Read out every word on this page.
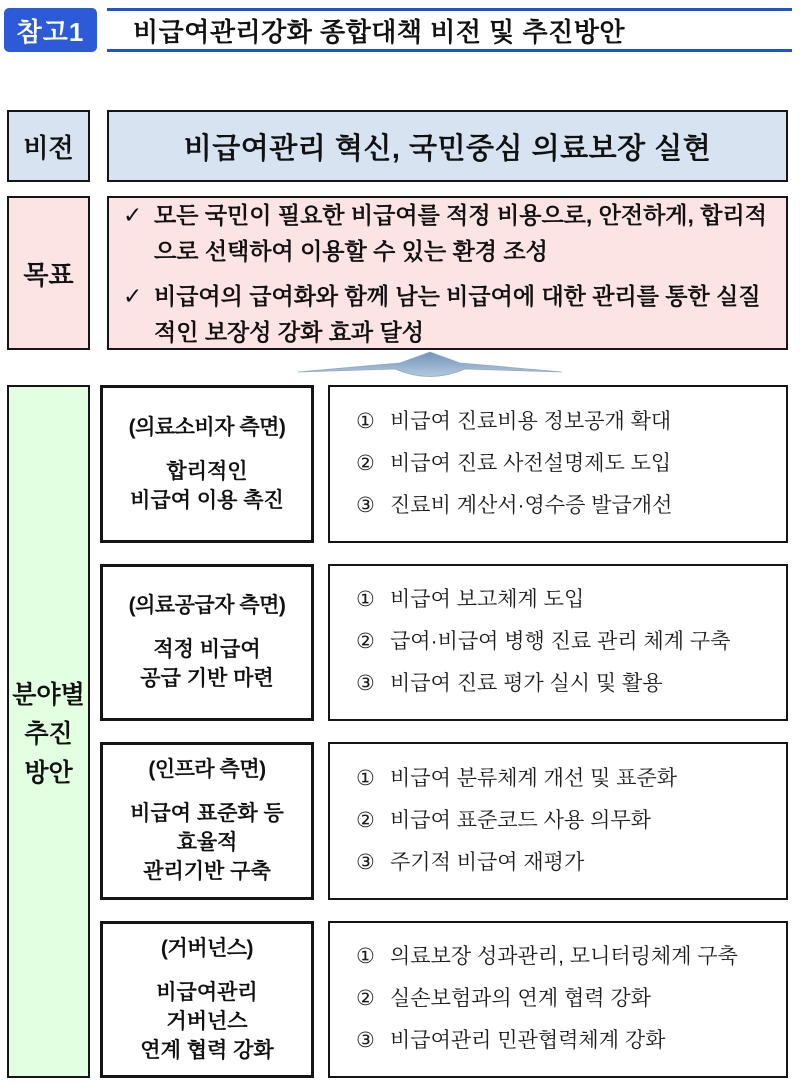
참고1	비급여관리강화 종합대책 비전 및 추진방안
비전	비급여관리 혁신, 국민중심 의료보장 실현
목표
✓ 모든 국민이 필요한 비급여를 적정 비용으로, 안전하게, 합리적으로 선택하여 이용할 수 있는 환경 조성
✓ 비급여의 급여화와 함께 남는 비급여에 대한 관리를 통한 실질적인 보장성 강화 효과 달성
분야별
추진
방안
(의료소비자 측면)
합리적인
비급여 이용 촉진
① 비급여 진료비용 정보공개 확대
② 비급여 진료 사전설명제도 도입
③ 진료비 계산서·영수증 발급개선
(의료공급자 측면)
적정 비급여
공급 기반 마련
① 비급여 보고체계 도입
② 급여·비급여 병행 진료 관리 체계 구축
③ 비급여 진료 평가 실시 및 활용
(인프라 측면)
비급여 표준화 등
효율적
관리기반 구축
① 비급여 분류체계 개선 및 표준화
② 비급여 표준코드 사용 의무화
③ 주기적 비급여 재평가
(거버넌스)
비급여관리
거버넌스
연계 협력 강화
① 의료보장 성과관리, 모니터링체계 구축
② 실손보험과의 연계 협력 강화
③ 비급여관리 민관협력체계 강화
